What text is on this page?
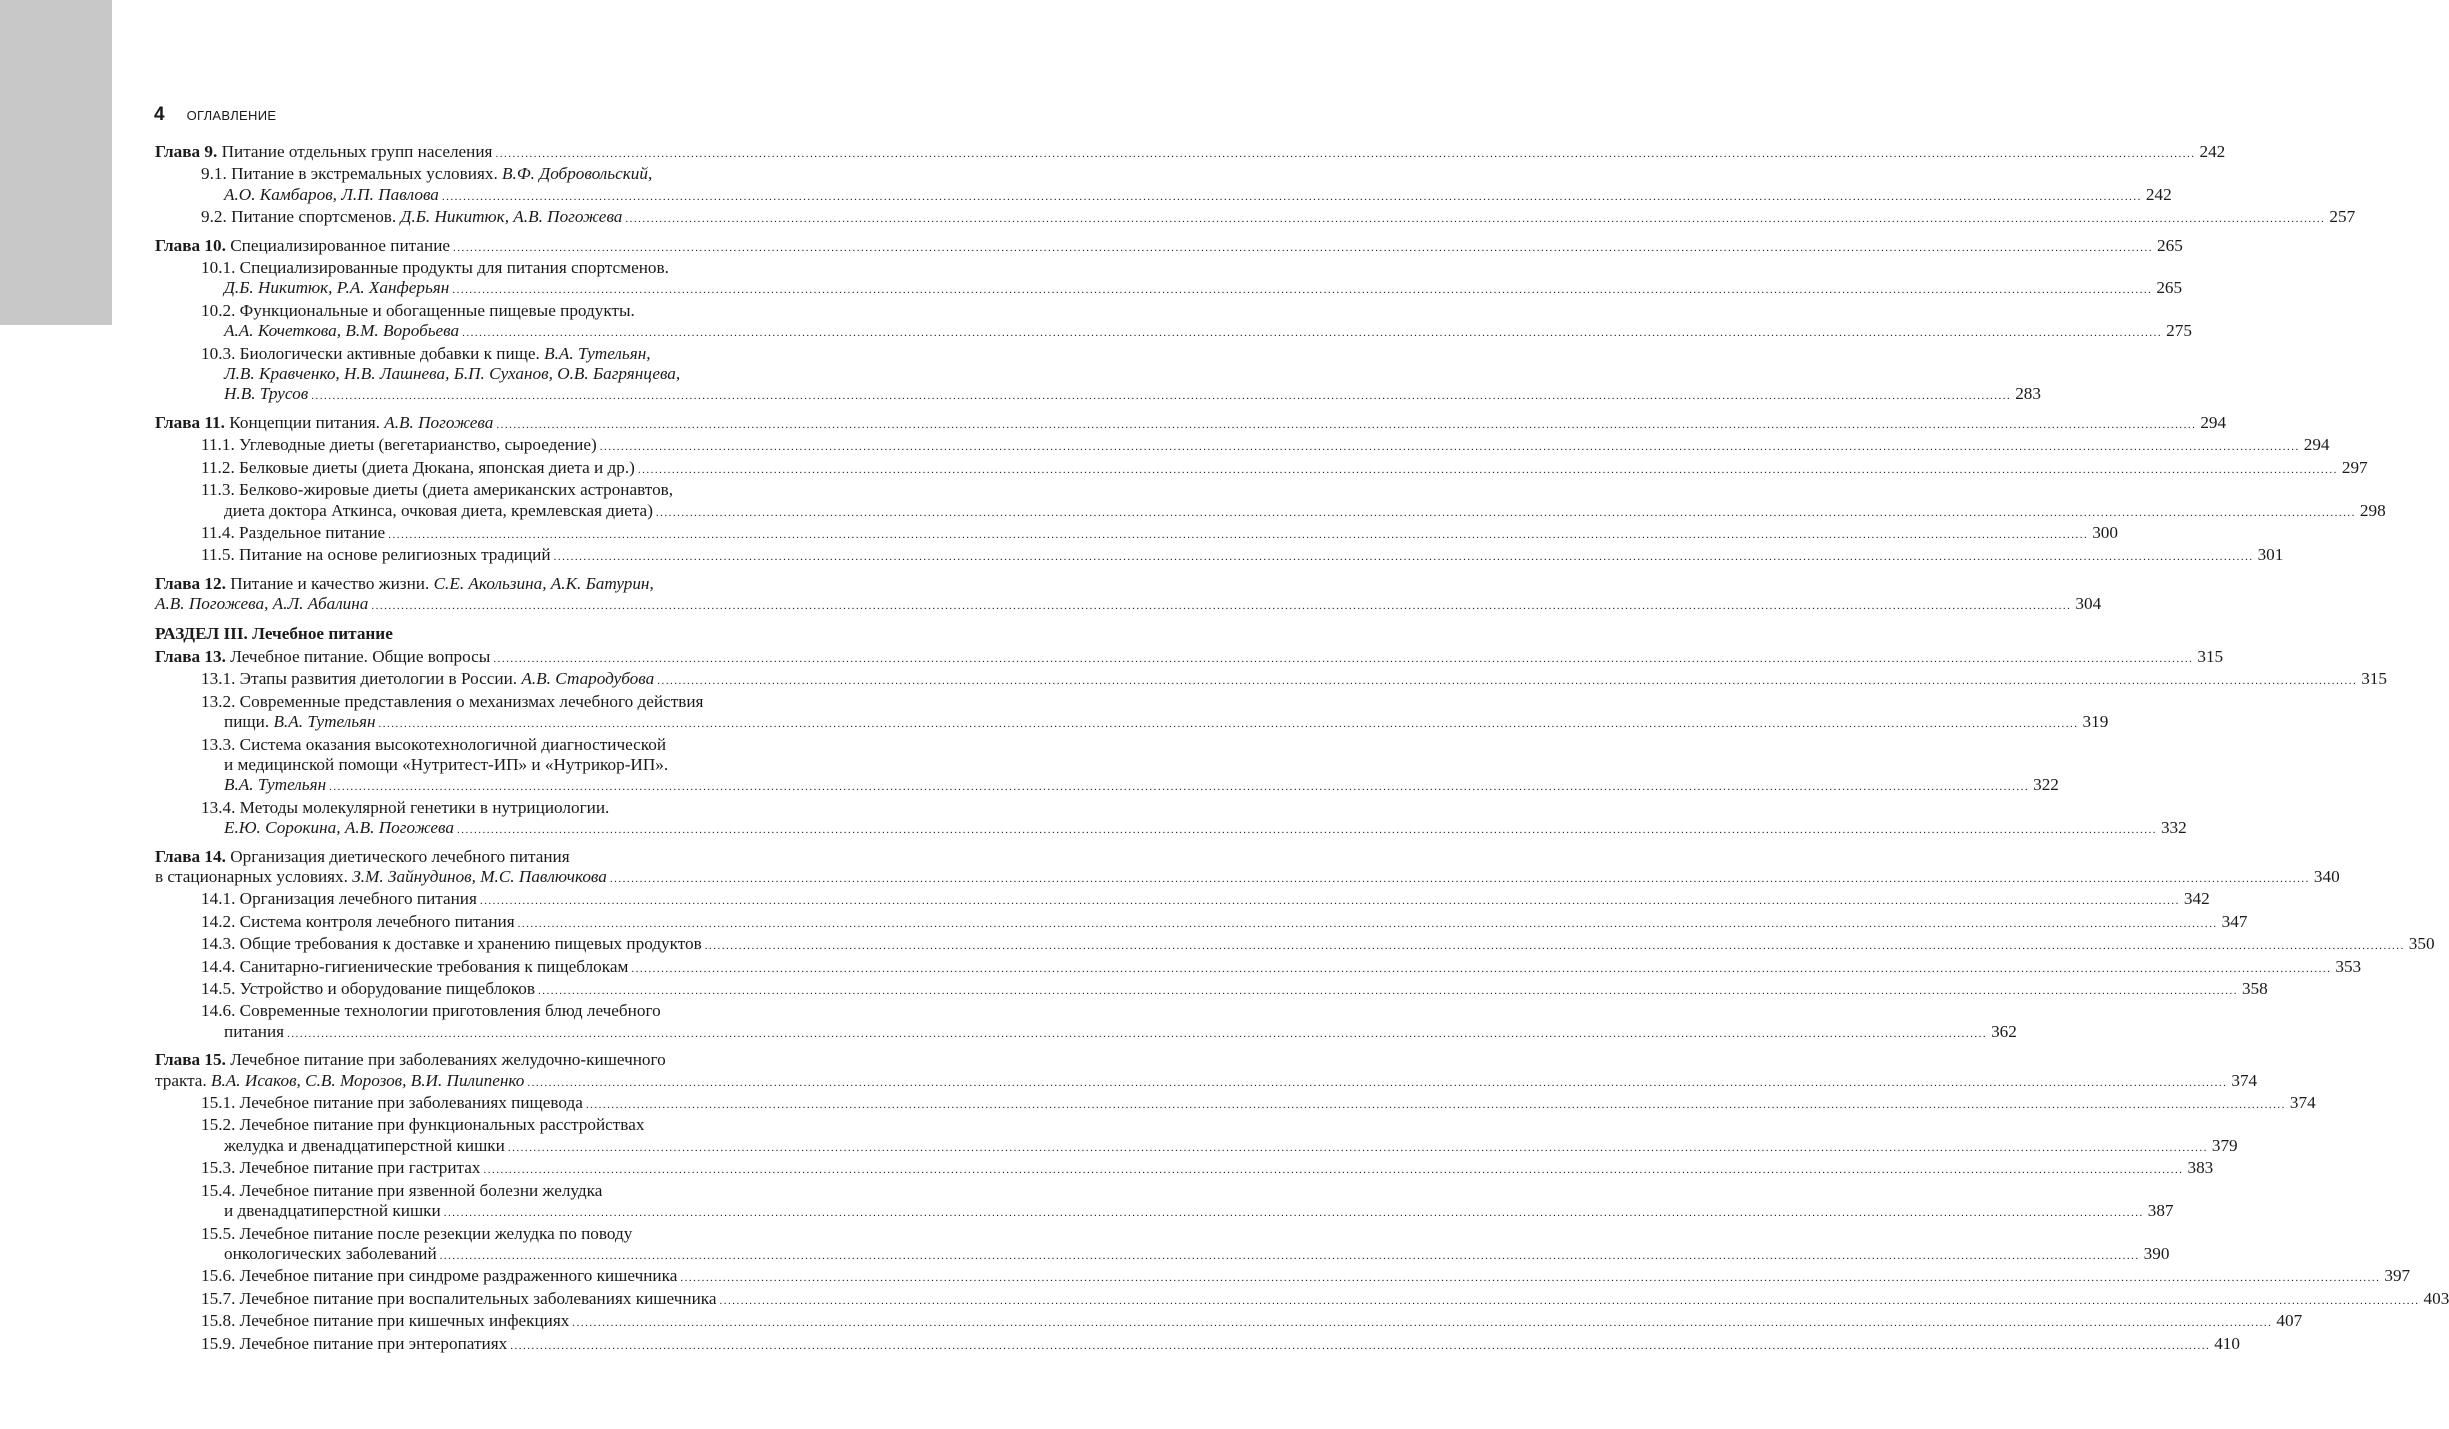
4 ОГЛАВЛЕНИЕ
Глава 9. Питание отдельных групп населения ................................................................................................................................................................................................................................................................................................................................................................................................................ 242
9.1. Питание в экстремальных условиях. В.Ф. Добровольский,
А.О. Камбаров, Л.П. Павлова ................................................................................................................................................................................................................................................................................................................................................................................................................ 242
9.2. Питание спортсменов. Д.Б. Никитюк, А.В. Погожева ................................................................................................................................................................................................................................................................................................................................................................................................................ 257
Глава 10. Специализированное питание ................................................................................................................................................................................................................................................................................................................................................................................................................ 265
10.1. Специализированные продукты для питания спортсменов.
Д.Б. Никитюк, Р.А. Ханферьян ................................................................................................................................................................................................................................................................................................................................................................................................................ 265
10.2. Функциональные и обогащенные пищевые продукты.
А.А. Кочеткова, В.М. Воробьева ................................................................................................................................................................................................................................................................................................................................................................................................................ 275
10.3. Биологически активные добавки к пище. В.А. Тутельян,
Л.В. Кравченко, Н.В. Лашнева, Б.П. Суханов, О.В. Багрянцева,
Н.В. Трусов ................................................................................................................................................................................................................................................................................................................................................................................................................ 283
Глава 11. Концепции питания. А.В. Погожева ................................................................................................................................................................................................................................................................................................................................................................................................................ 294
11.1. Углеводные диеты (вегетарианство, сыроедение) ................................................................................................................................................................................................................................................................................................................................................................................................................ 294
11.2. Белковые диеты (диета Дюкана, японская диета и др.) ................................................................................................................................................................................................................................................................................................................................................................................................................ 297
11.3. Белково-жировые диеты (диета американских астронавтов,
диета доктора Аткинса, очковая диета, кремлевская диета) ................................................................................................................................................................................................................................................................................................................................................................................................................ 298
11.4. Раздельное питание ................................................................................................................................................................................................................................................................................................................................................................................................................ 300
11.5. Питание на основе религиозных традиций ................................................................................................................................................................................................................................................................................................................................................................................................................ 301
Глава 12. Питание и качество жизни. С.Е. Акользина, А.К. Батурин,
А.В. Погожева, А.Л. Абалина ................................................................................................................................................................................................................................................................................................................................................................................................................ 304
РАЗДЕЛ III. Лечебное питание
Глава 13. Лечебное питание. Общие вопросы ................................................................................................................................................................................................................................................................................................................................................................................................................ 315
13.1. Этапы развития диетологии в России. А.В. Стародубова ................................................................................................................................................................................................................................................................................................................................................................................................................ 315
13.2. Современные представления о механизмах лечебного действия
пищи. В.А. Тутельян ................................................................................................................................................................................................................................................................................................................................................................................................................ 319
13.3. Система оказания высокотехнологичной диагностической
и медицинской помощи «Нутритест-ИП» и «Нутрикор-ИП».
В.А. Тутельян ................................................................................................................................................................................................................................................................................................................................................................................................................ 322
13.4. Методы молекулярной генетики в нутрициологии.
Е.Ю. Сорокина, А.В. Погожева ................................................................................................................................................................................................................................................................................................................................................................................................................ 332
Глава 14. Организация диетического лечебного питания
в стационарных условиях. З.М. Зайнудинов, М.С. Павлючкова ................................................................................................................................................................................................................................................................................................................................................................................................................ 340
14.1. Организация лечебного питания ................................................................................................................................................................................................................................................................................................................................................................................................................ 342
14.2. Система контроля лечебного питания ................................................................................................................................................................................................................................................................................................................................................................................................................ 347
14.3. Общие требования к доставке и хранению пищевых продуктов ................................................................................................................................................................................................................................................................................................................................................................................................................ 350
14.4. Санитарно-гигиенические требования к пищеблокам ................................................................................................................................................................................................................................................................................................................................................................................................................ 353
14.5. Устройство и оборудование пищеблоков ................................................................................................................................................................................................................................................................................................................................................................................................................ 358
14.6. Современные технологии приготовления блюд лечебного
питания ................................................................................................................................................................................................................................................................................................................................................................................................................ 362
Глава 15. Лечебное питание при заболеваниях желудочно-кишечного
тракта. В.А. Исаков, С.В. Морозов, В.И. Пилипенко ................................................................................................................................................................................................................................................................................................................................................................................................................ 374
15.1. Лечебное питание при заболеваниях пищевода ................................................................................................................................................................................................................................................................................................................................................................................................................ 374
15.2. Лечебное питание при функциональных расстройствах
желудка и двенадцатиперстной кишки ................................................................................................................................................................................................................................................................................................................................................................................................................ 379
15.3. Лечебное питание при гастритах ................................................................................................................................................................................................................................................................................................................................................................................................................ 383
15.4. Лечебное питание при язвенной болезни желудка
и двенадцатиперстной кишки ................................................................................................................................................................................................................................................................................................................................................................................................................ 387
15.5. Лечебное питание после резекции желудка по поводу
онкологических заболеваний ................................................................................................................................................................................................................................................................................................................................................................................................................ 390
15.6. Лечебное питание при синдроме раздраженного кишечника ................................................................................................................................................................................................................................................................................................................................................................................................................ 397
15.7. Лечебное питание при воспалительных заболеваниях кишечника ................................................................................................................................................................................................................................................................................................................................................................................................................ 403
15.8. Лечебное питание при кишечных инфекциях ................................................................................................................................................................................................................................................................................................................................................................................................................ 407
15.9. Лечебное питание при энтеропатиях ................................................................................................................................................................................................................................................................................................................................................................................................................ 410
